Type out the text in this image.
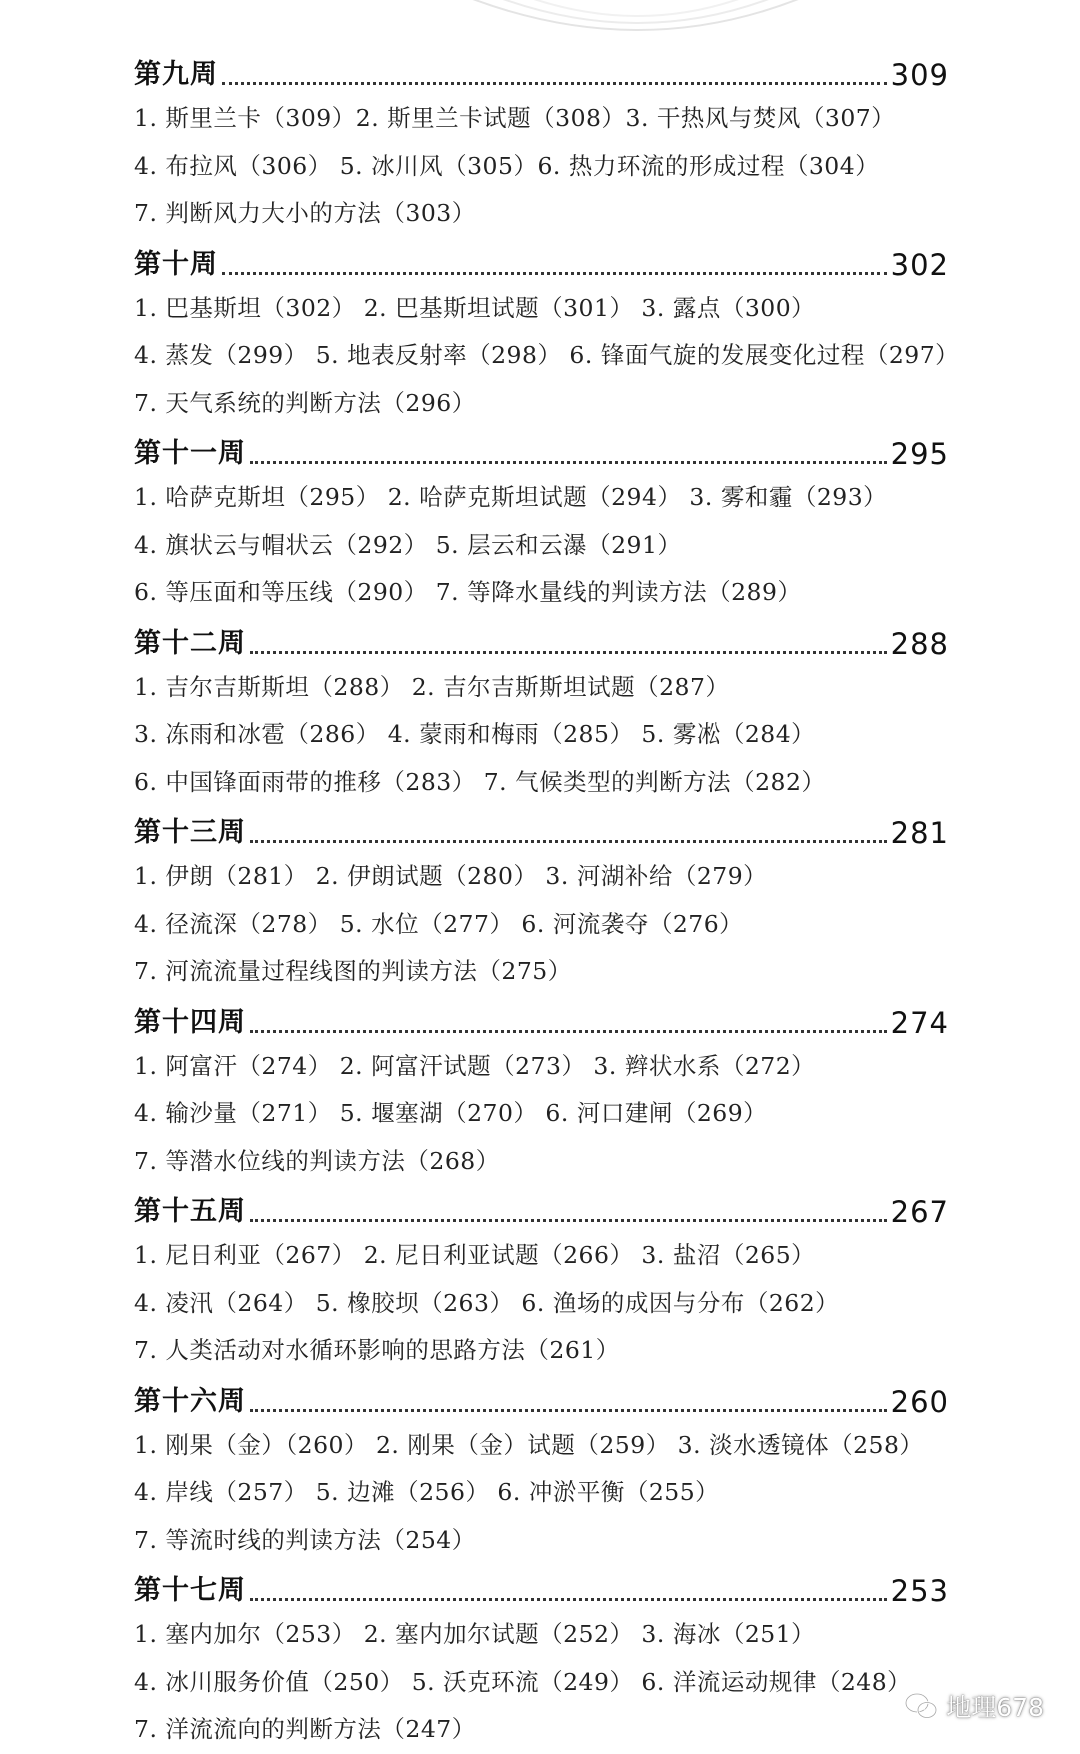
第九周	309
1. 斯里兰卡（309）2. 斯里兰卡试题（308）3. 干热风与焚风（307）
4. 布拉风（306） 5. 冰川风（305）6. 热力环流的形成过程（304）
7. 判断风力大小的方法（303）
第十周	302
1. 巴基斯坦（302） 2. 巴基斯坦试题（301） 3. 露点（300）
4. 蒸发（299） 5. 地表反射率（298） 6. 锋面气旋的发展变化过程（297）
7. 天气系统的判断方法（296）
第十一周	295
1. 哈萨克斯坦（295） 2. 哈萨克斯坦试题（294） 3. 雾和霾（293）
4. 旗状云与帽状云（292） 5. 层云和云瀑（291）
6. 等压面和等压线（290） 7. 等降水量线的判读方法（289）
第十二周	288
1. 吉尔吉斯斯坦（288） 2. 吉尔吉斯斯坦试题（287）
3. 冻雨和冰雹（286） 4. 蒙雨和梅雨（285） 5. 雾凇（284）
6. 中国锋面雨带的推移（283） 7. 气候类型的判断方法（282）
第十三周	281
1. 伊朗（281） 2. 伊朗试题（280） 3. 河湖补给（279）
4. 径流深（278） 5. 水位（277） 6. 河流袭夺（276）
7. 河流流量过程线图的判读方法（275）
第十四周	274
1. 阿富汗（274） 2. 阿富汗试题（273） 3. 辫状水系（272）
4. 输沙量（271） 5. 堰塞湖（270） 6. 河口建闸（269）
7. 等潜水位线的判读方法（268）
第十五周	267
1. 尼日利亚（267） 2. 尼日利亚试题（266） 3. 盐沼（265）
4. 凌汛（264） 5. 橡胶坝（263） 6. 渔场的成因与分布（262）
7. 人类活动对水循环影响的思路方法（261）
第十六周	260
1. 刚果（金）（260） 2. 刚果（金）试题（259） 3. 淡水透镜体（258）
4. 岸线（257） 5. 边滩（256） 6. 冲淤平衡（255）
7. 等流时线的判读方法（254）
第十七周	253
1. 塞内加尔（253） 2. 塞内加尔试题（252） 3. 海冰（251）
4. 冰川服务价值（250） 5. 沃克环流（249） 6. 洋流运动规律（248）
7. 洋流流向的判断方法（247）
地理678
